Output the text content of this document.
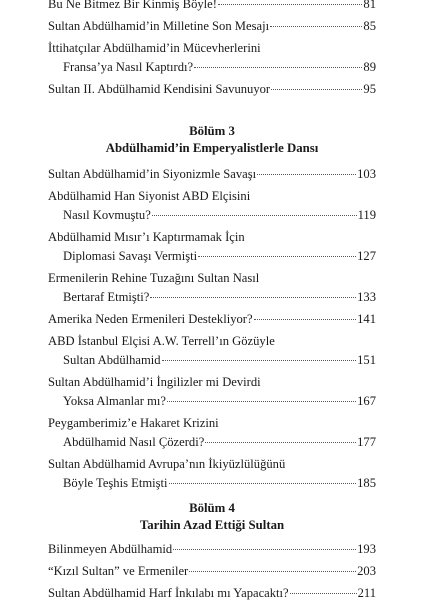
Bu Ne Bitmez Bir Kinmiş Böyle!	81
Sultan Abdülhamid’in Milletine Son Mesajı	85
İttihatçılar Abdülhamid’in Mücevherlerini
Fransa’ya Nasıl Kaptırdı?	89
Sultan II. Abdülhamid Kendisini Savunuyor	95
Bölüm 3
Abdülhamid’in Emperyalistlerle Dansı
Sultan Abdülhamid’in Siyonizmle Savaşı	103
Abdülhamid Han Siyonist ABD Elçisini
Nasıl Kovmuştu?	119
Abdülhamid Mısır’ı Kaptırmamak İçin
Diplomasi Savaşı Vermişti	127
Ermenilerin Rehine Tuzağını Sultan Nasıl
Bertaraf Etmişti?	133
Amerika Neden Ermenileri Destekliyor?	141
ABD İstanbul Elçisi A.W. Terrell’ın Gözüyle
Sultan Abdülhamid	151
Sultan Abdülhamid’i İngilizler mi Devirdi
Yoksa Almanlar mı?	167
Peygamberimiz’e Hakaret Krizini
Abdülhamid Nasıl Çözerdi?	177
Sultan Abdülhamid Avrupa’nın İkiyüzlülüğünü
Böyle Teşhis Etmişti	185
Bölüm 4
Tarihin Azad Ettiği Sultan
Bilinmeyen Abdülhamid	193
“Kızıl Sultan” ve Ermeniler	203
Sultan Abdülhamid Harf İnkılabı mı Yapacaktı?	211
